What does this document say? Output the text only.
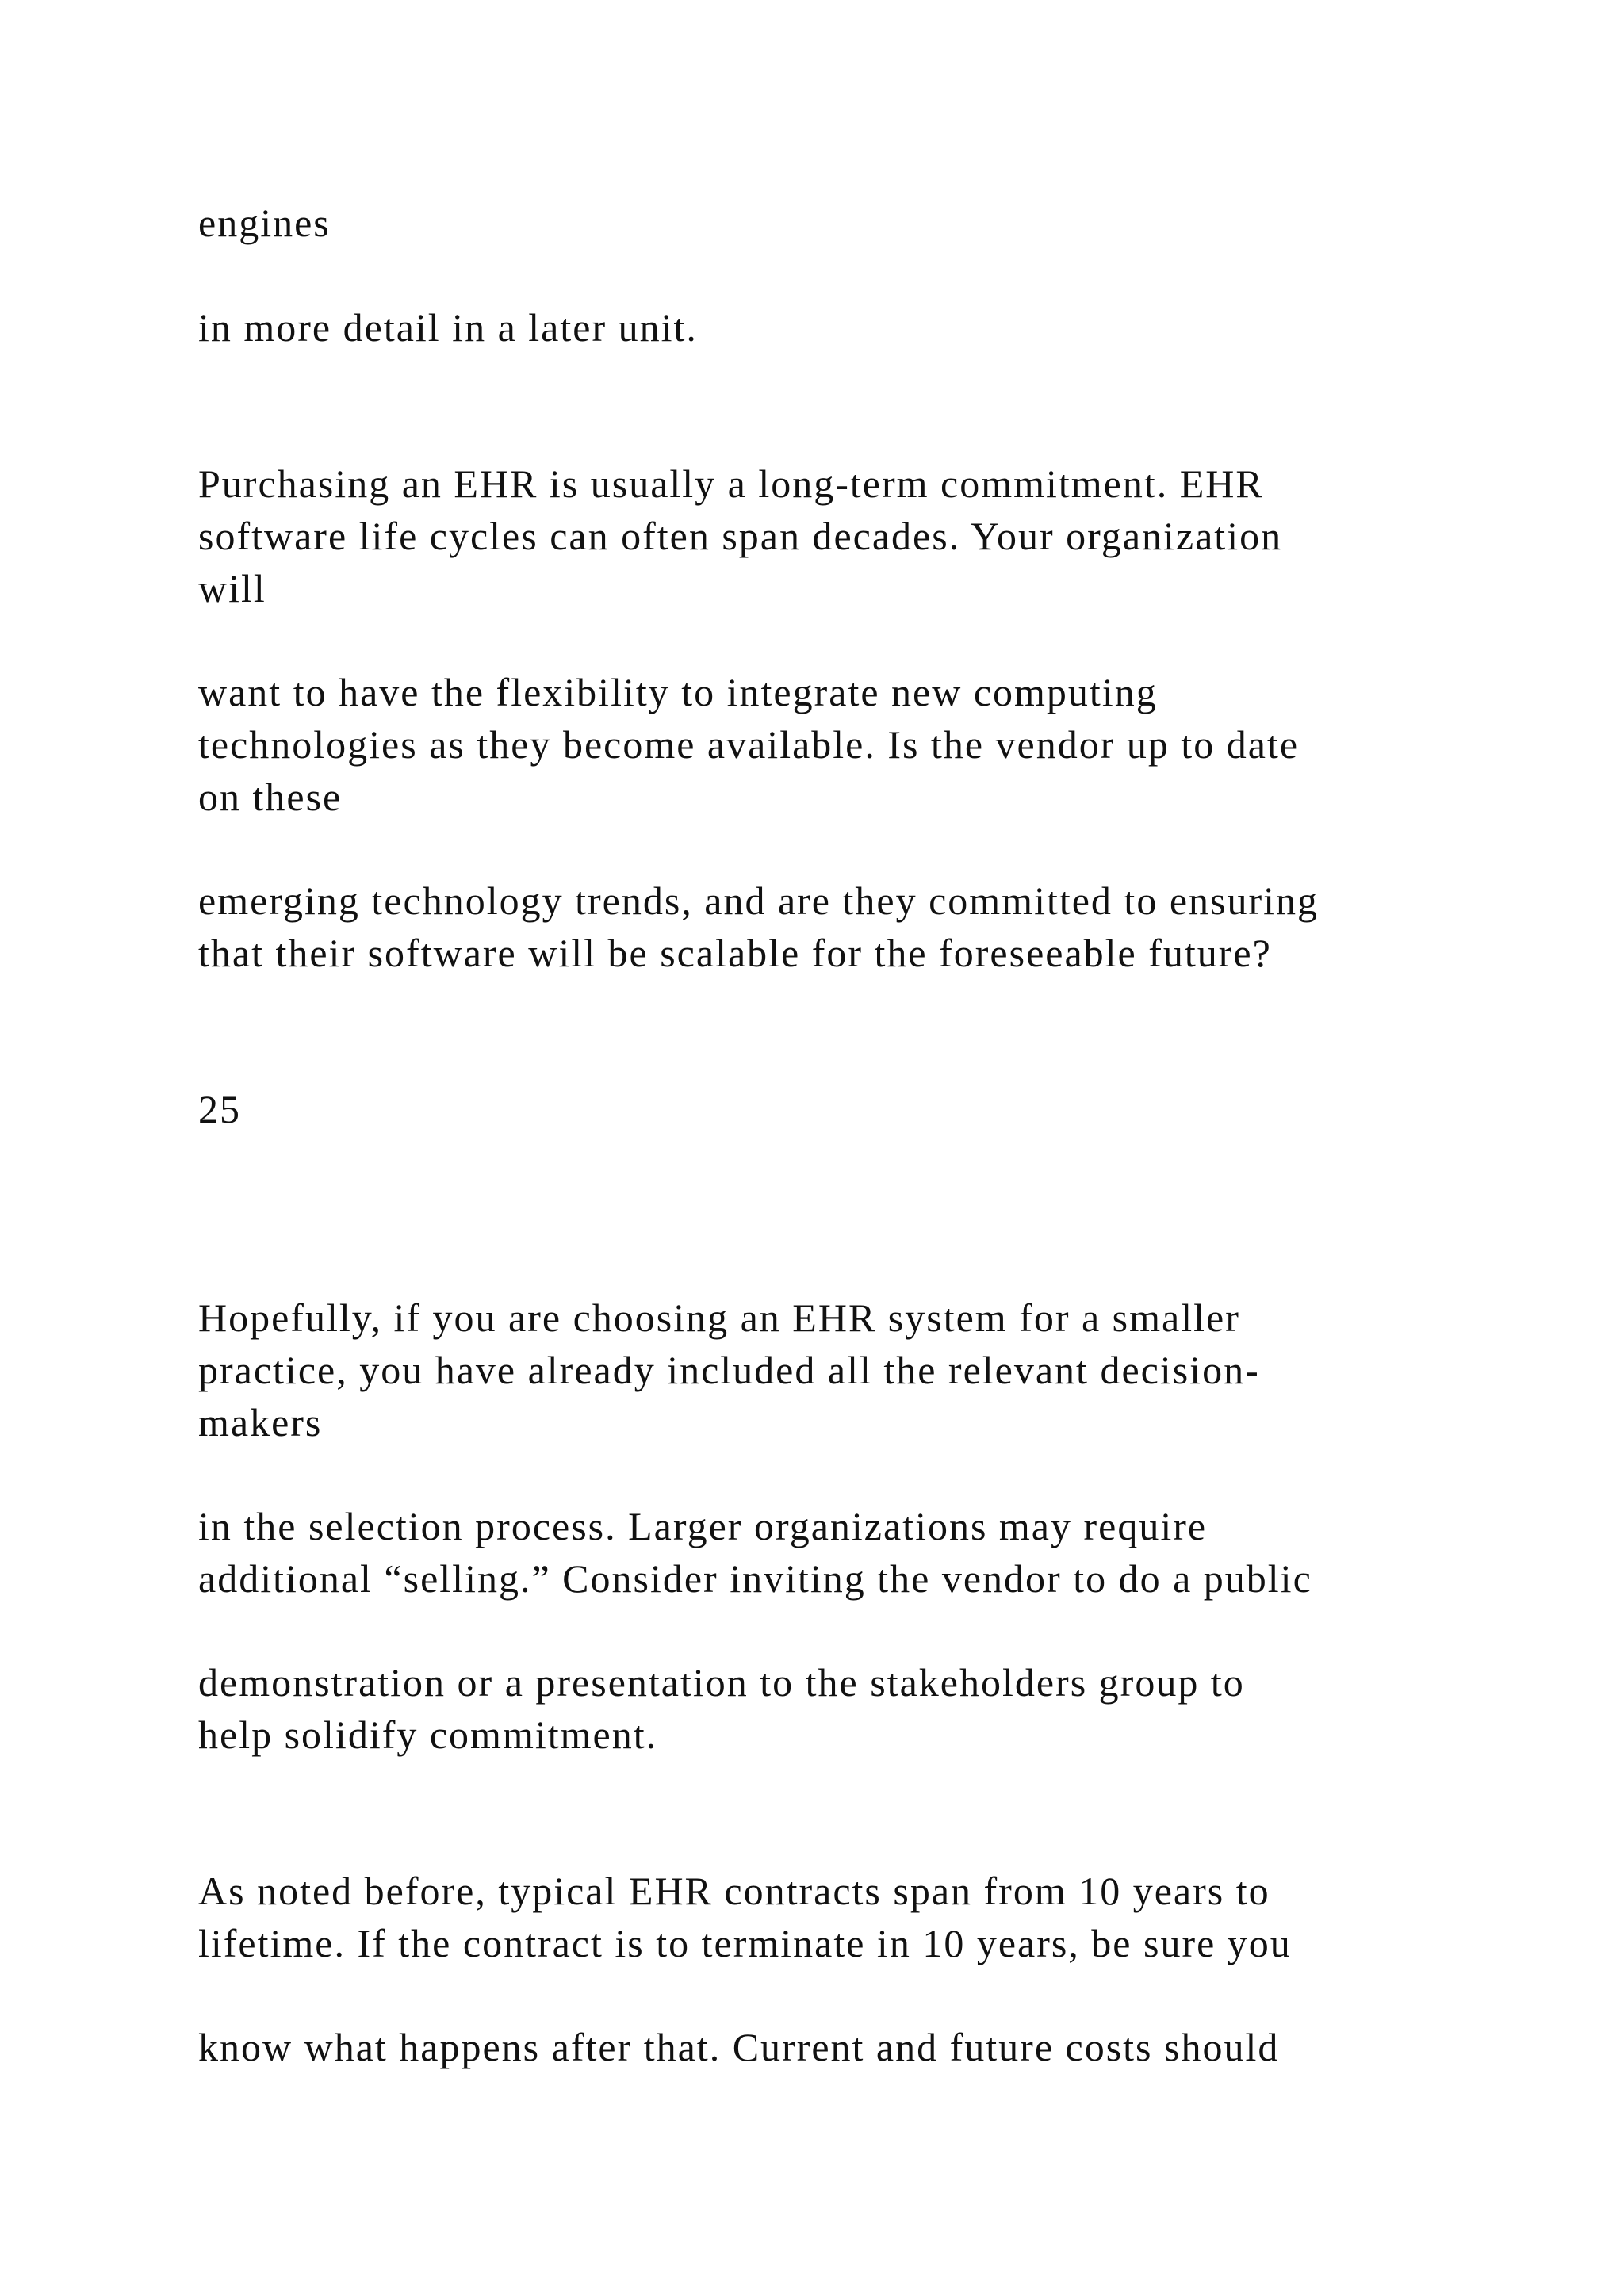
engines

in more detail in a later unit.

Purchasing an EHR is usually a long-term commitment. EHR

software life cycles can often span decades. Your organization

will

want to have the flexibility to integrate new computing

technologies as they become available. Is the vendor up to date

on these

emerging technology trends, and are they committed to ensuring

that their software will be scalable for the foreseeable future?

25

Hopefully, if you are choosing an EHR system for a smaller

practice, you have already included all the relevant decision-

makers

in the selection process. Larger organizations may require

additional “selling.” Consider inviting the vendor to do a public

demonstration or a presentation to the stakeholders group to

help solidify commitment.

As noted before, typical EHR contracts span from 10 years to

lifetime. If the contract is to terminate in 10 years, be sure you

know what happens after that. Current and future costs should
